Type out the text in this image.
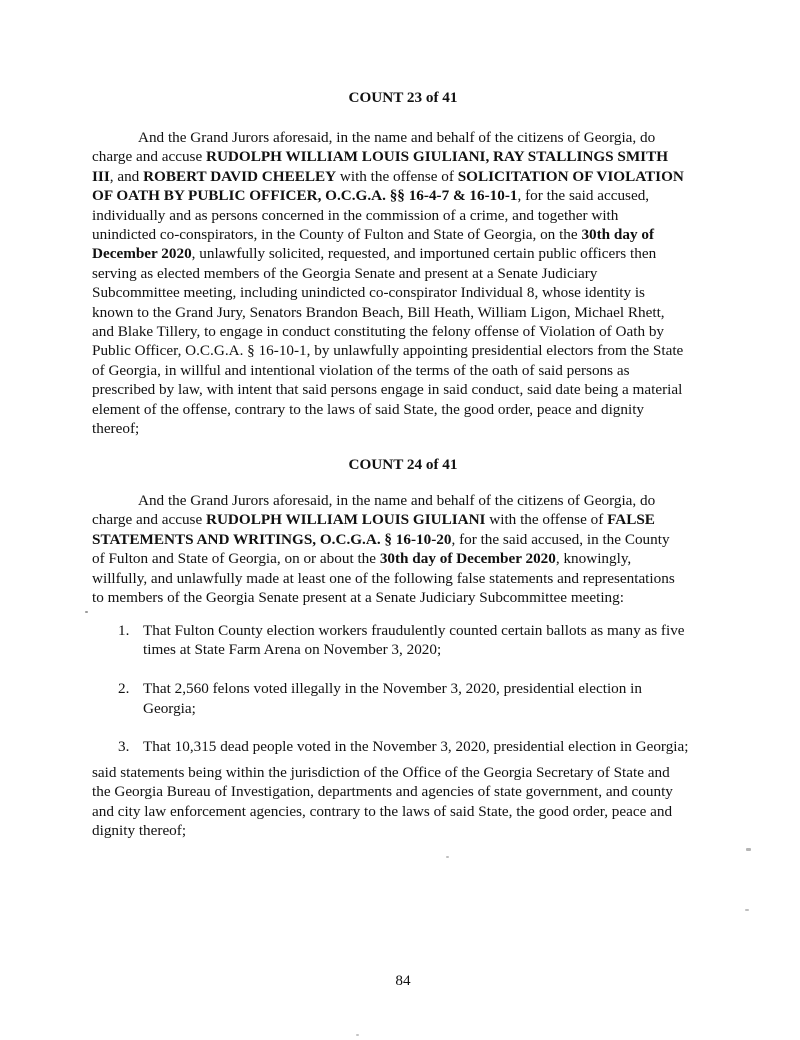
COUNT 23 of 41
And the Grand Jurors aforesaid, in the name and behalf of the citizens of Georgia, do
charge and accuse RUDOLPH WILLIAM LOUIS GIULIANI, RAY STALLINGS SMITH
III, and ROBERT DAVID CHEELEY with the offense of SOLICITATION OF VIOLATION
OF OATH BY PUBLIC OFFICER, O.C.G.A. §§ 16-4-7 & 16-10-1, for the said accused,
individually and as persons concerned in the commission of a crime, and together with
unindicted co-conspirators, in the County of Fulton and State of Georgia, on the 30th day of
December 2020, unlawfully solicited, requested, and importuned certain public officers then
serving as elected members of the Georgia Senate and present at a Senate Judiciary
Subcommittee meeting, including unindicted co-conspirator Individual 8, whose identity is
known to the Grand Jury, Senators Brandon Beach, Bill Heath, William Ligon, Michael Rhett,
and Blake Tillery, to engage in conduct constituting the felony offense of Violation of Oath by
Public Officer, O.C.G.A. § 16-10-1, by unlawfully appointing presidential electors from the State
of Georgia, in willful and intentional violation of the terms of the oath of said persons as
prescribed by law, with intent that said persons engage in said conduct, said date being a material
element of the offense, contrary to the laws of said State, the good order, peace and dignity
thereof;
COUNT 24 of 41
And the Grand Jurors aforesaid, in the name and behalf of the citizens of Georgia, do
charge and accuse RUDOLPH WILLIAM LOUIS GIULIANI with the offense of FALSE
STATEMENTS AND WRITINGS, O.C.G.A. § 16-10-20, for the said accused, in the County
of Fulton and State of Georgia, on or about the 30th day of December 2020, knowingly,
willfully, and unlawfully made at least one of the following false statements and representations
to members of the Georgia Senate present at a Senate Judiciary Subcommittee meeting:
1. That Fulton County election workers fraudulently counted certain ballots as many as five
times at State Farm Arena on November 3, 2020;
2. That 2,560 felons voted illegally in the November 3, 2020, presidential election in
Georgia;
3. That 10,315 dead people voted in the November 3, 2020, presidential election in Georgia;
said statements being within the jurisdiction of the Office of the Georgia Secretary of State and
the Georgia Bureau of Investigation, departments and agencies of state government, and county
and city law enforcement agencies, contrary to the laws of said State, the good order, peace and
dignity thereof;
84
